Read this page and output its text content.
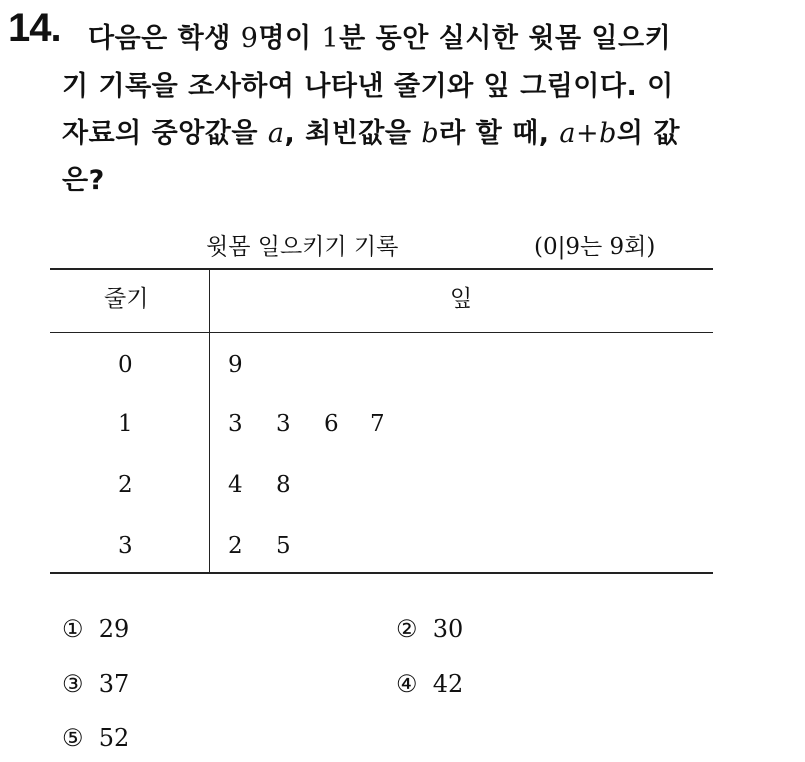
14. 다음은 학생 9명이 1분 동안 실시한 윗몸 일으키
기 기록을 조사하여 나타낸 줄기와 잎 그림이다. 이
자료의 중앙값을 a, 최빈값을 b라 할 때, a+b의 값
은?
윗몸 일으키기 기록	(0|9는 9회)
줄기	잎
0	9
1	3 3 6 7
2	4 8
3	2 5
① 29	② 30
③ 37	④ 42
⑤ 52
